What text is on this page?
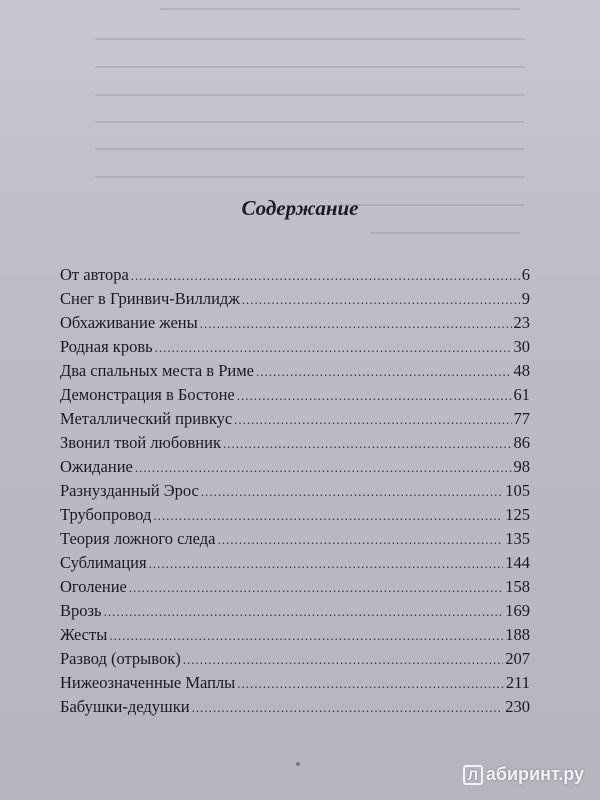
Содержание
От автора .....	6
Снег в Гринвич-Виллидж .....	9
Обхаживание жены .....	23
Родная кровь .....	30
Два спальных места в Риме .....	48
Демонстрация в Бостоне .....	61
Металлический привкус .....	77
Звонил твой любовник .....	86
Ожидание .....	98
Разнузданный Эрос .....	105
Трубопровод .....	125
Теория ложного следа .....	135
Сублимация .....	144
Оголение .....	158
Врозь .....	169
Жесты .....	188
Развод (отрывок) .....	207
Нижеозначенные Маплы .....	211
Бабушки-дедушки .....	230
Л абиринт.ру
